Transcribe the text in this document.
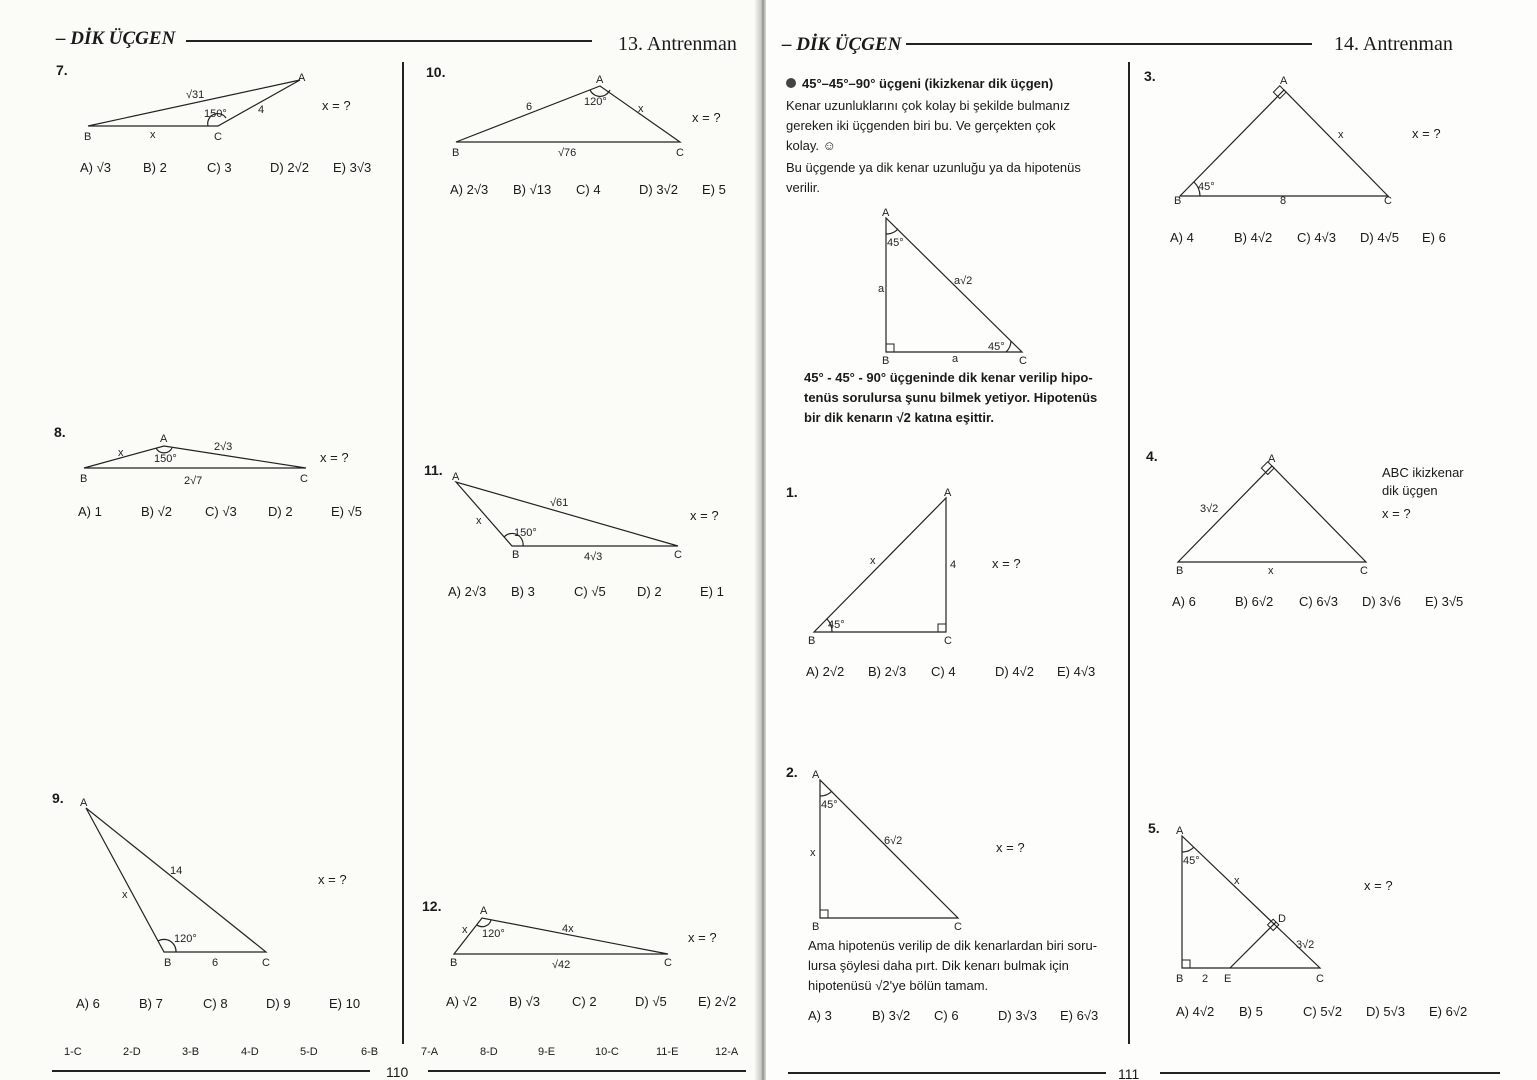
– DİK ÜÇGEN	13. Antrenman
7.
B	C
A
√31
4
150°
x
x = ?
A) √3 B) 2	C) 3	D) 2√2 E) 3√3
8.
B	C
A
2√3
2√7
150°
x	x = ?
A) 1	B) √2	C) √3 D) 2	E) √5
9. A
B	C
14
6
120°
x
x = ?
A) 6	B) 7	C) 8	D) 9	E) 10
10.
B	C
A
6
√76
120°
x
x = ?
A) 2√3 B) √13 C) 4	D) 3√2 E) 5
11. A
B	C
√61
4√3
150°
x	x = ?
A) 2√3 B) 3	C) √5 D) 2	E) 1
12.
B	C
A
4x
√42
120°
x	x = ?
A) √2 B) √3 C) 2	D) √5 E) 2√2
1-C	2-D	3-B	4-D	5-D	6-B	7-A	8-D	9-E	10-C	11-E	12-A
110
– DİK ÜÇGEN	14. Antrenman
45°–45°–90° üçgeni (ikizkenar dik üçgen)
Kenar uzunluklarını çok kolay bi şekilde bulmanız
gereken iki üçgenden biri bu. Ve gerçekten çok
kolay. ☺
Bu üçgende ya dik kenar uzunluğu ya da hipotenüs
verilir.
A
B	C
45°
45°
a
a
a√2
45° - 45° - 90° üçgeninde dik kenar verilip hipo-
tenüs sorulursa şunu bilmek yetiyor. Hipotenüs
bir dik kenarın √2 katına eşittir.
1.	A
B	C
45°
4
x	x = ?
A) 2√2 B) 2√3 C) 4	D) 4√2 E) 4√3
2. A
B	C
45°
6√2
x	x = ?
Ama hipotenüs verilip de dik kenarlardan biri soru-
lursa şöylesi daha pırt. Dik kenarı bulmak için
hipotenüsü √2'ye bölün tamam.
A) 3	B) 3√2 C) 6	D) 3√3 E) 6√3
3.	A
B	C
45°
8
x	x = ?
A) 4	B) 4√2 C) 4√3 D) 4√5 E) 6
4.	A
B	C
3√2
x
ABC ikizkenar
dik üçgen
x = ?
A) 6	B) 6√2 C) 6√3 D) 3√6 E) 3√5
5. A
B	C
D
E
45°
3√2
2
x	x = ?
A) 4√2 B) 5	C) 5√2 D) 5√3 E) 6√2
111
